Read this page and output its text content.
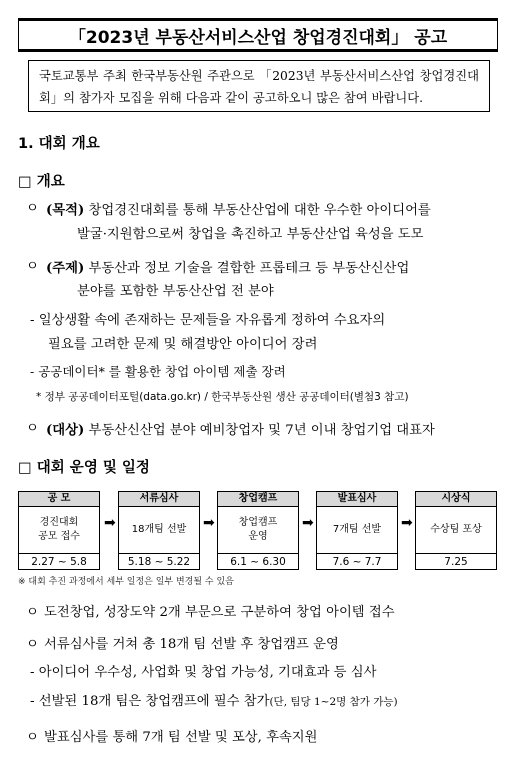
「2023년 부동산서비스산업 창업경진대회」 공고
국토교통부 주최 한국부동산원 주관으로 「2023년 부동산서비스산업 창업경진대회」의 참가자 모집을 위해 다음과 같이 공고하오니 많은 참여 바랍니다.
1. 대회 개요
□ 개요
ㅇ (목적) 창업경진대회를 통해 부동산산업에 대한 우수한 아이디어를
발굴·지원함으로써 창업을 촉진하고 부동산산업 육성을 도모
ㅇ (주제) 부동산과 정보 기술을 결합한 프롭테크 등 부동산신산업
분야를 포함한 부동산산업 전 분야
- 일상생활 속에 존재하는 문제들을 자유롭게 정하여 수요자의
필요를 고려한 문제 및 해결방안 아이디어 장려
- 공공데이터* 를 활용한 창업 아이템 제출 장려
* 정부 공공데이터포털(data.go.kr) / 한국부동산원 생산 공공데이터(별첨3 참고)
ㅇ (대상) 부동산신산업 분야 예비창업자 및 7년 이내 창업기업 대표자
□ 대회 운영 및 일정
공 모
경진대회
공모 접수
2.27 ~ 5.8
➡
서류심사
18개팀 선발
5.18 ~ 5.22
➡
창업캠프
창업캠프
운영
6.1 ~ 6.30
➡
발표심사
7개팀 선발
7.6 ~ 7.7
➡
시상식
수상팀 포상
7.25
※ 대회 추진 과정에서 세부 일정은 일부 변경될 수 있음
ㅇ 도전창업, 성장도약 2개 부문으로 구분하여 창업 아이템 접수
ㅇ 서류심사를 거쳐 총 18개 팀 선발 후 창업캠프 운영
- 아이디어 우수성, 사업화 및 창업 가능성, 기대효과 등 심사
- 선발된 18개 팀은 창업캠프에 필수 참가(단, 팀당 1~2명 참가 가능)
ㅇ 발표심사를 통해 7개 팀 선발 및 포상, 후속지원
